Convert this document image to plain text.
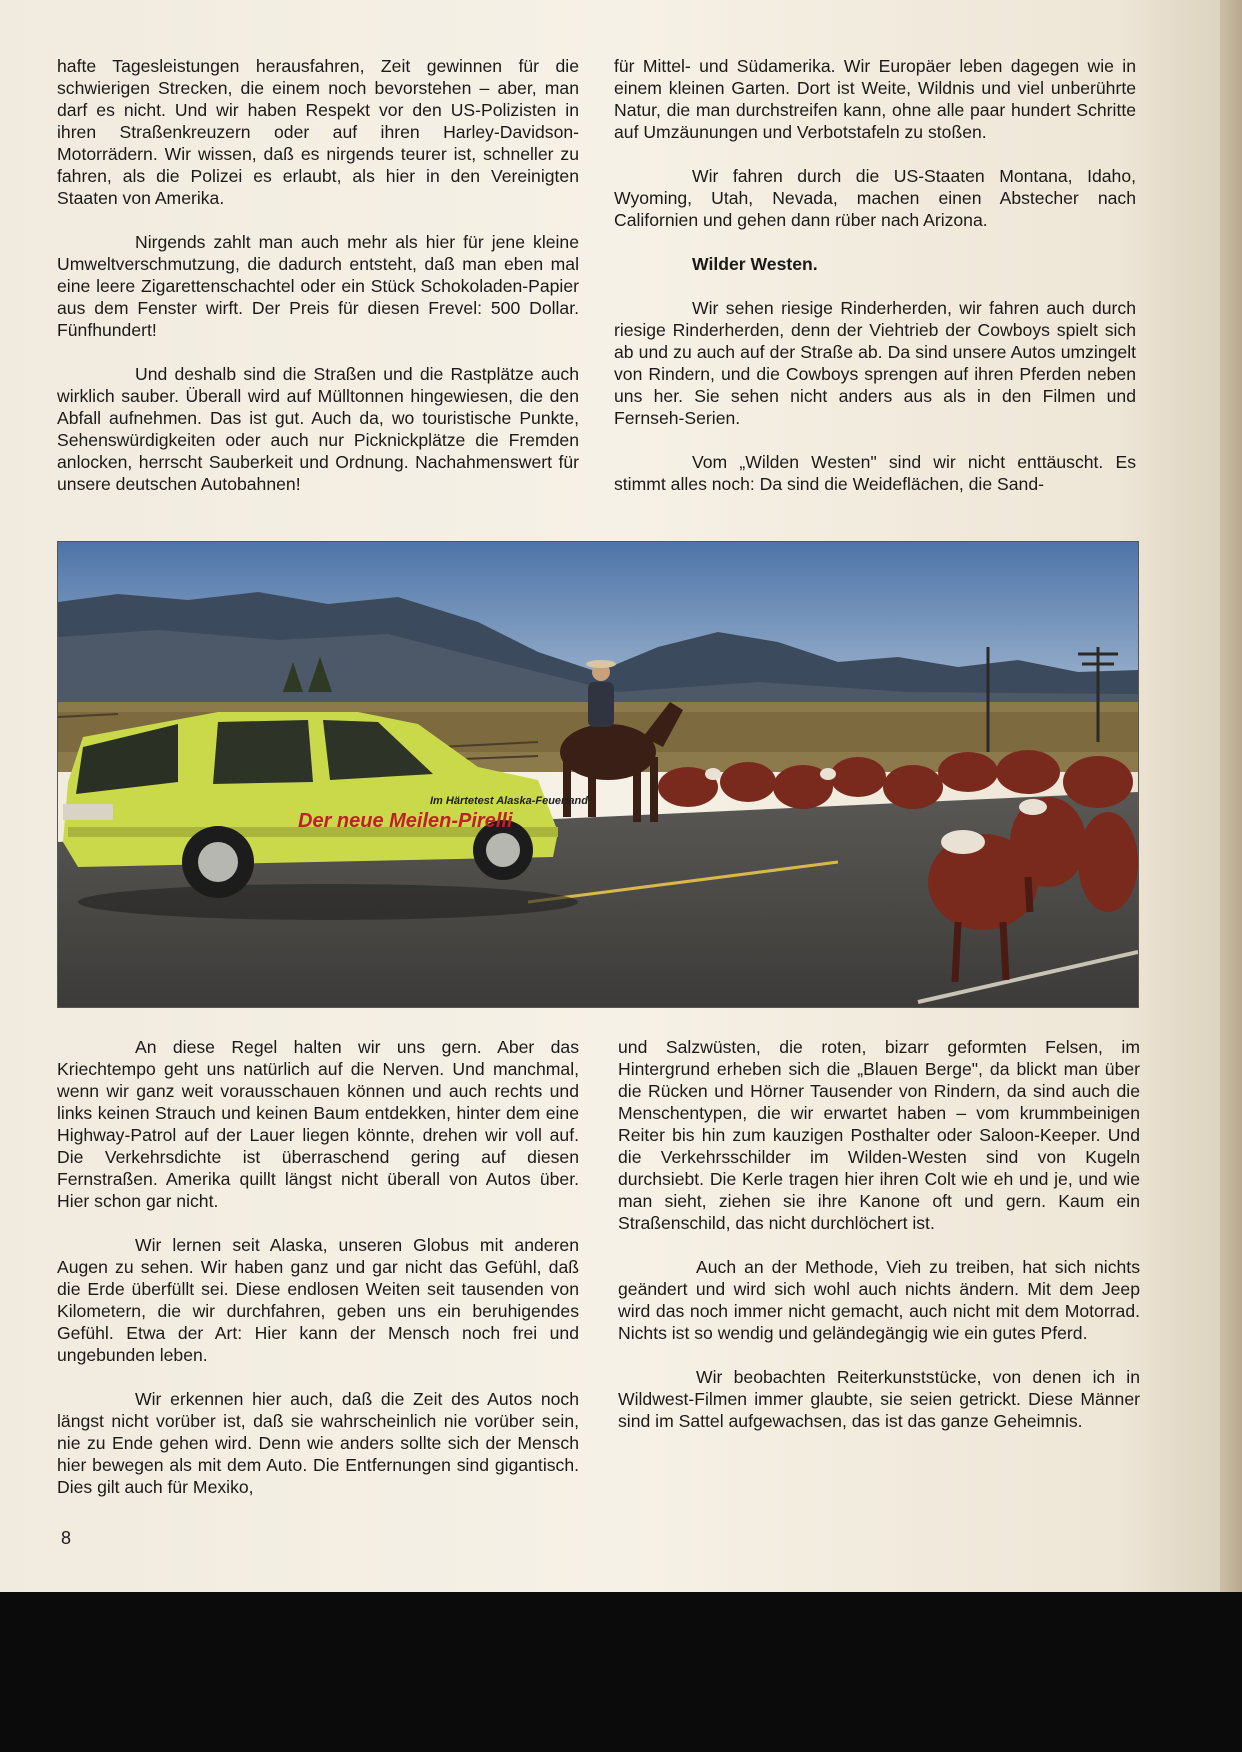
hafte Tagesleistungen herausfahren, Zeit gewinnen für die schwierigen Strecken, die einem noch bevorstehen – aber, man darf es nicht. Und wir haben Respekt vor den US-Polizisten in ihren Straßenkreuzern oder auf ihren Harley-Davidson-Motorrädern. Wir wissen, daß es nirgends teurer ist, schneller zu fahren, als die Polizei es erlaubt, als hier in den Vereinigten Staaten von Amerika.

Nirgends zahlt man auch mehr als hier für jene kleine Umweltverschmutzung, die dadurch entsteht, daß man eben mal eine leere Zigarettenschachtel oder ein Stück Schokoladen-Papier aus dem Fenster wirft. Der Preis für diesen Frevel: 500 Dollar. Fünfhundert!

Und deshalb sind die Straßen und die Rastplätze auch wirklich sauber. Überall wird auf Mülltonnen hingewiesen, die den Abfall aufnehmen. Das ist gut. Auch da, wo touristische Punkte, Sehenswürdigkeiten oder auch nur Picknickplätze die Fremden anlocken, herrscht Sauberkeit und Ordnung. Nachahmenswert für unsere deutschen Autobahnen!

für Mittel- und Südamerika. Wir Europäer leben dagegen wie in einem kleinen Garten. Dort ist Weite, Wildnis und viel unberührte Natur, die man durchstreifen kann, ohne alle paar hundert Schritte auf Umzäunungen und Verbotstafeln zu stoßen.

Wir fahren durch die US-Staaten Montana, Idaho, Wyoming, Utah, Nevada, machen einen Abstecher nach Californien und gehen dann rüber nach Arizona.

Wilder Westen.

Wir sehen riesige Rinderherden, wir fahren auch durch riesige Rinderherden, denn der Viehtrieb der Cowboys spielt sich ab und zu auch auf der Straße ab. Da sind unsere Autos umzingelt von Rindern, und die Cowboys sprengen auf ihren Pferden neben uns her. Sie sehen nicht anders aus als in den Filmen und Fernseh-Serien.

Vom „Wilden Westen" sind wir nicht enttäuscht. Es stimmt alles noch: Da sind die Weideflächen, die Sand-

Der neue Meilen-Pirelli
Im Härtetest Alaska-Feuerland

An diese Regel halten wir uns gern. Aber das Kriechtempo geht uns natürlich auf die Nerven. Und manchmal, wenn wir ganz weit vorausschauen können und auch rechts und links keinen Strauch und keinen Baum entdekken, hinter dem eine Highway-Patrol auf der Lauer liegen könnte, drehen wir voll auf. Die Verkehrsdichte ist überraschend gering auf diesen Fernstraßen. Amerika quillt längst nicht überall von Autos über. Hier schon gar nicht.

Wir lernen seit Alaska, unseren Globus mit anderen Augen zu sehen. Wir haben ganz und gar nicht das Gefühl, daß die Erde überfüllt sei. Diese endlosen Weiten seit tausenden von Kilometern, die wir durchfahren, geben uns ein beruhigendes Gefühl. Etwa der Art: Hier kann der Mensch noch frei und ungebunden leben.

Wir erkennen hier auch, daß die Zeit des Autos noch längst nicht vorüber ist, daß sie wahrscheinlich nie vorüber sein, nie zu Ende gehen wird. Denn wie anders sollte sich der Mensch hier bewegen als mit dem Auto. Die Entfernungen sind gigantisch. Dies gilt auch für Mexiko,

und Salzwüsten, die roten, bizarr geformten Felsen, im Hintergrund erheben sich die „Blauen Berge", da blickt man über die Rücken und Hörner Tausender von Rindern, da sind auch die Menschentypen, die wir erwartet haben – vom krummbeinigen Reiter bis hin zum kauzigen Posthalter oder Saloon-Keeper. Und die Verkehrsschilder im Wilden-Westen sind von Kugeln durchsiebt. Die Kerle tragen hier ihren Colt wie eh und je, und wie man sieht, ziehen sie ihre Kanone oft und gern. Kaum ein Straßenschild, das nicht durchlöchert ist.

Auch an der Methode, Vieh zu treiben, hat sich nichts geändert und wird sich wohl auch nichts ändern. Mit dem Jeep wird das noch immer nicht gemacht, auch nicht mit dem Motorrad. Nichts ist so wendig und geländegängig wie ein gutes Pferd.

Wir beobachten Reiterkunststücke, von denen ich in Wildwest-Filmen immer glaubte, sie seien getrickt. Diese Männer sind im Sattel aufgewachsen, das ist das ganze Geheimnis.

8
